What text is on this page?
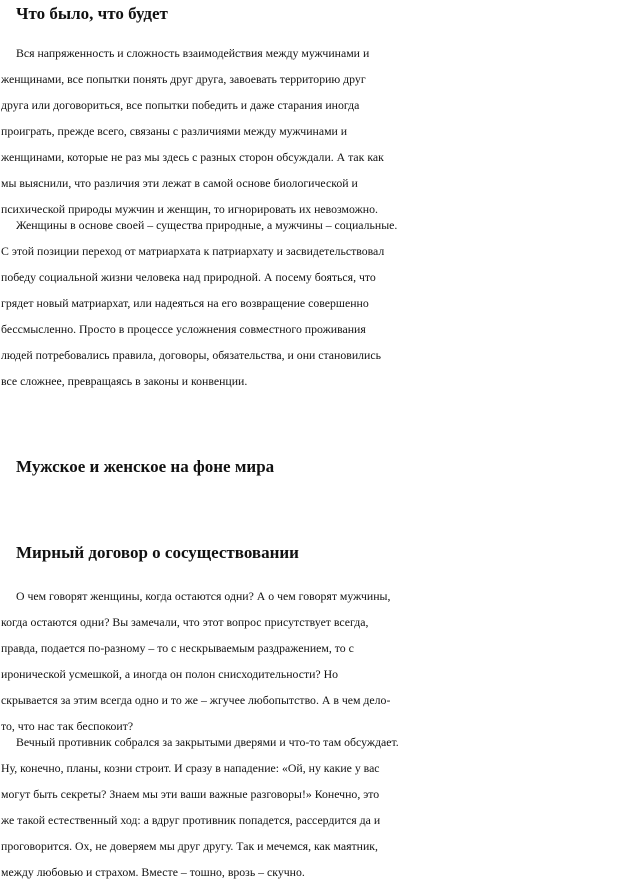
Что было, что будет
Вся напряженность и сложность взаимодействия между мужчинами и
женщинами, все попытки понять друг друга, завоевать территорию друг
друга или договориться, все попытки победить и даже старания иногда
проиграть, прежде всего, связаны с различиями между мужчинами и
женщинами, которые не раз мы здесь с разных сторон обсуждали. А так как
мы выяснили, что различия эти лежат в самой основе биологической и
психической природы мужчин и женщин, то игнорировать их невозможно.
Женщины в основе своей – существа природные, а мужчины – социальные.
С этой позиции переход от матриархата к патриархату и засвидетельствовал
победу социальной жизни человека над природной. А посему бояться, что
грядет новый матриархат, или надеяться на его возвращение совершенно
бессмысленно. Просто в процессе усложнения совместного проживания
людей потребовались правила, договоры, обязательства, и они становились
все сложнее, превращаясь в законы и конвенции.
Мужское и женское на фоне мира
Мирный договор о сосуществовании
О чем говорят женщины, когда остаются одни? А о чем говорят мужчины,
когда остаются одни? Вы замечали, что этот вопрос присутствует всегда,
правда, подается по-разному – то с нескрываемым раздражением, то с
иронической усмешкой, а иногда он полон снисходительности? Но
скрывается за этим всегда одно и то же – жгучее любопытство. А в чем дело-
то, что нас так беспокоит?
Вечный противник собрался за закрытыми дверями и что-то там обсуждает.
Ну, конечно, планы, козни строит. И сразу в нападение: «Ой, ну какие у вас
могут быть секреты? Знаем мы эти ваши важные разговоры!» Конечно, это
же такой естественный ход: а вдруг противник попадется, рассердится да и
проговорится. Ох, не доверяем мы друг другу. Так и мечемся, как маятник,
между любовью и страхом. Вместе – тошно, врозь – скучно.
